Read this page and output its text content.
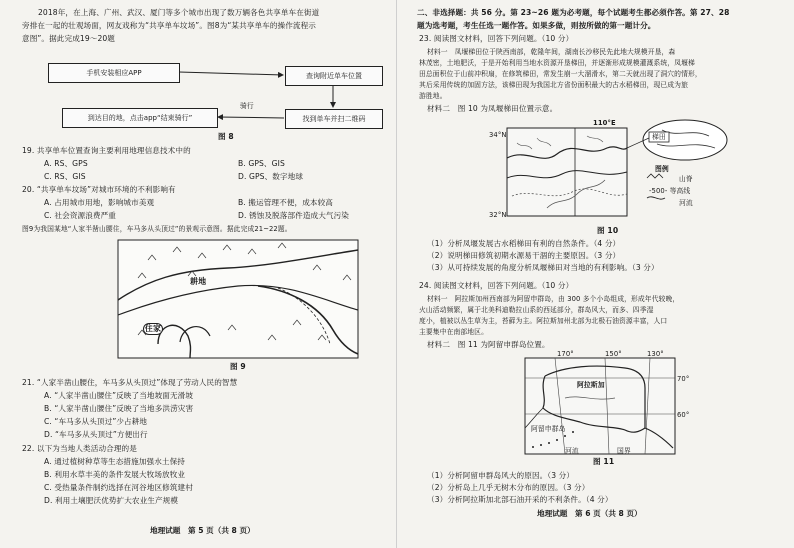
2018年，在上海、广州、武汉、厦门等多个城市出现了数万辆各色共享单车在街道
旁排在一起的壮观场面，网友戏称为“共享单车坟场”。图8为“某共享单车的操作流程示
意图”。据此完成19～20题
手机安装相应APP	查询附近单车位置
找到单车并扫二维码
到达目的地，点击app“结束骑行”
骑行
图 8
19. 共享单车位置查询主要利用地理信息技术中的
A. RS、GPS	B. GPS、GIS
C. RS、GIS	D. GPS、数字地球
20. “共享单车坟场”对城市环境的不利影响有
A. 占用城市用地，影响城市美观	B. 搬运管理不便，成本较高
C. 社会资源浪费严重	D. 锈蚀及脱落部件造成大气污染
图9为我国某地“人家半凿山腰住，车马多从头顶过”的景观示意图。据此完成21~22题。
耕地
住家
图 9
21. “人家半凿山腰住，车马多从头顶过”体现了劳动人民的智慧
A. “人家半凿山腰住”反映了当地坡面无滑坡
B. “人家半凿山腰住”反映了当地多洪涝灾害
C. “车马多从头顶过”少占耕地
D. “车马多从头顶过”方便出行
22. 以下为当地人类活动合理的是
A. 通过植树种草等生态措施加强水土保持
B. 利用水草丰美的条件发展大牧场放牧业
C. 受热量条件制约选择在河谷地区修筑建村
D. 利用土壤肥沃优势扩大农业生产规模
地理试题　第 5 页（共 8 页）
二、非选择题：共 56 分。第 23~26 题为必考题，每个试题考生都必须作答。第 27、28
题为选考题，考生任选一题作答。如果多做，则按所做的第一题计分。
23. 阅读图文材料，回答下列问题。（10 分）
材料一　凤堰梯田位于陕西南部，乾隆年间，湖南长沙移民先此地大规模开垦，森
林茂密，土地肥沃，于是开始利用当地水资源开垦梯田，并逐渐形成规模灌溉系统，凤堰梯
田总面积位于山前冲积扇，在修筑梯田，常发生崩一大溜滑水，第二天就出现了洞穴的情形，
其后采用传统的加固方法，该梯田现为我国北方省份面积最大的古水稻梯田，现已成为旅
游胜地。
材料二　图 10 为凤堰梯田位置示意。
110°E
34°N
32°N
梯田
图例
山脊
-500- 等高线
河流
图 10
（1）分析凤堰发展古水稻梯田有利的自然条件。（4 分）
（2）说明梯田修筑初期水源易干涸的主要原因。（3 分）
（3）从可持续发展的角度分析凤堰梯田对当地的有利影响。（3 分）
24. 阅读图文材料，回答下列问题。（10 分）
材料一　阿拉斯加州西南部为阿留申群岛，由 300 多个小岛组成，形成年代较晚，
火山活动频繁，属于北美科迪勒拉山系的西延部分，群岛风大，而多、四季湿
度小，植被以丛生草为主，苔藓为主。阿拉斯加州北部为北极石油资源丰富，人口
主要集中在南部地区。
材料二　图 11 为阿留申群岛位置。
170°	150°	130°
70°
60°
阿拉斯加
阿留申群岛
河流	国界
图 11
（1）分析阿留申群岛风大的原因。（3 分）
（2）分析岛上几乎无树木分布的原因。（3 分）
（3）分析阿拉斯加北部石油开采的不利条件。（4 分）
地理试题　第 6 页（共 8 页）
